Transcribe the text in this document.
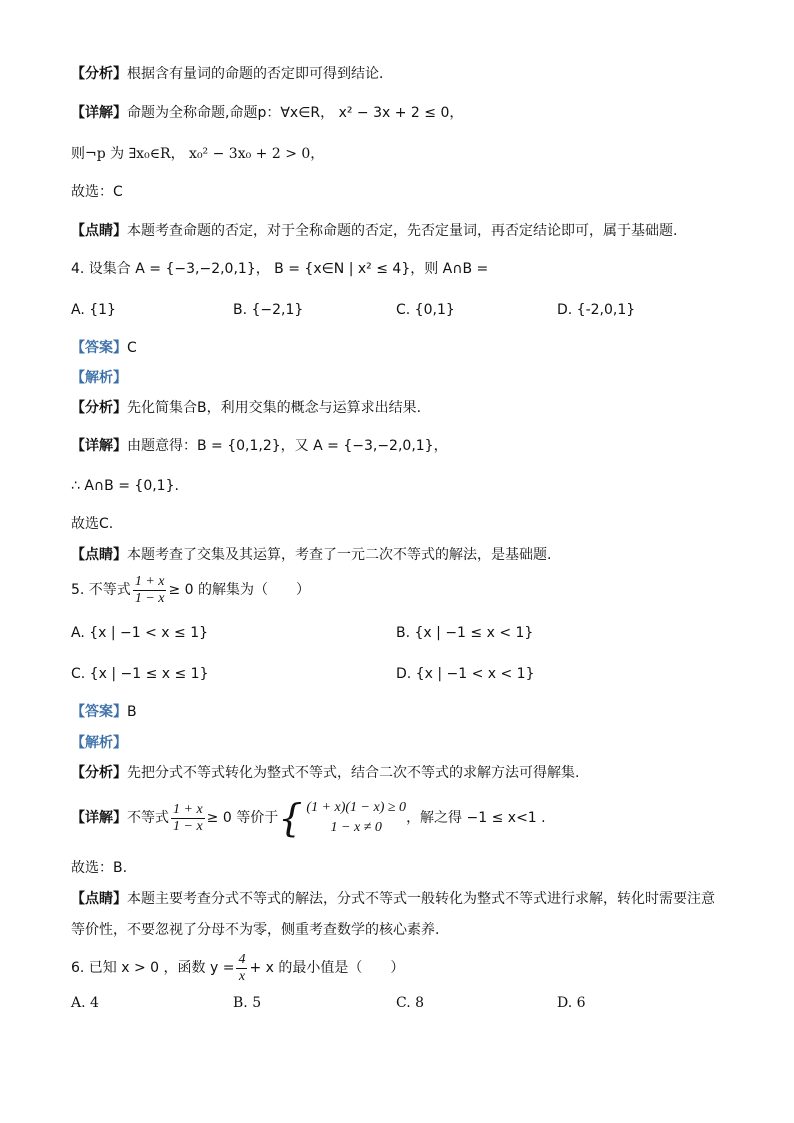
【分析】根据含有量词的命题的否定即可得到结论．
【详解】命题为全称命题,命题p：∀x∈R， x² − 3x + 2 ≤ 0，
则¬p 为 ∃x₀∈R， x₀² − 3x₀ + 2 > 0，
故选：C
【点睛】本题考查命题的否定，对于全称命题的否定，先否定量词，再否定结论即可，属于基础题.
4. 设集合 A = {−3,−2,0,1}， B = {x∈N | x² ≤ 4}，则 A∩B =
A. {1}	B. {−2,1}	C. {0,1}	D. {-2,0,1}
【答案】C
【解析】
【分析】先化简集合B，利用交集的概念与运算求出结果.
【详解】由题意得：B = {0,1,2}，又 A = {−3,−2,0,1}，
∴ A∩B = {0,1}.
故选C.
【点睛】本题考查了交集及其运算，考查了一元二次不等式的解法，是基础题.
5. 不等式 $\frac{1 + x}{1 - x} \ge 0$ 的解集为（　　）
A. {x | −1 < x ≤ 1}	B. {x | −1 ≤ x < 1}
C. {x | −1 ≤ x ≤ 1}	D. {x | −1 < x < 1}
【答案】B
【解析】
【分析】先把分式不等式转化为整式不等式，结合二次不等式的求解方法可得解集.
【详解】不等式 $\frac{1 + x}{1 - x} \ge 0$ 等价于 { (1 + x)(1 − x) ≥ 0
1 − x ≠ 0
，解之得 −1 ≤ x<1 .
故选：B.
【点睛】本题主要考查分式不等式的解法，分式不等式一般转化为整式不等式进行求解，转化时需要注意
等价性，不要忽视了分母不为零，侧重考查数学的核心素养.
6. 已知 x > 0 ，函数 $y = \frac{4}{x} + x$ 的最小值是（　　）
A. 4	B. 5	C. 8	D. 6
